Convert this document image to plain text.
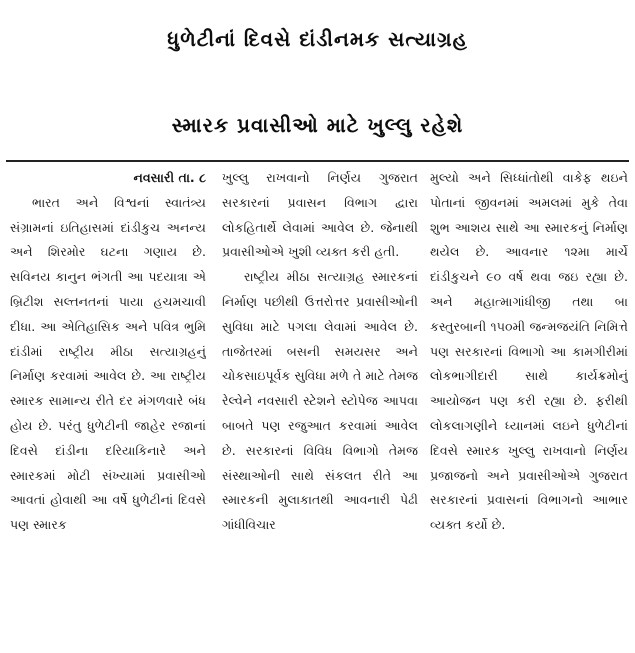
ધુળેટીનાં દિવસે દાંડીનમક સત્યાગ્રહ
સ્મારક પ્રવાસીઓ માટે ખુલ્લુ રહેશે

નવસારી તા. ૮

ભારત અને વિશ્વનાં સ્વાતંત્ર્ય સંગ્રામનાં ઇતિહાસમાં દાંડીકુચ અનન્ય અને શિરમોર ઘટના ગણાય છે. સવિનય કાનુન ભંગતી આ પદયાત્રા એ બ્રિટીશ સલ્તનતનાં પાયા હચમચાવી દીધા. આ એતિહાસિક અને પવિત્ર ભુમિ દાંડીમાં રાષ્ટ્રીય મીઠા સત્યાગ્રહનું નિર્માણ કરવામાં આવેલ છે. આ રાષ્ટ્રીય સ્મારક સામાન્ય રીતે દર મંગળવારે બંધ હોય છે. પરંતુ ધુળેટીની જાહેર રજાનાં દિવસે દાંડીના દરિયાકિનારે અને સ્મારકમાં મોટી સંખ્યામાં પ્રવાસીઓ આવતાં હોવાથી આ વર્ષે ધુળેટીનાં દિવસે પણ સ્મારક

ખુલ્લુ રાખવાનો નિર્ણય ગુજરાત સરકારનાં પ્રવાસન વિભાગ દ્વારા લોકહિતાર્થે લેવામાં આવેલ છે. જેનાથી પ્રવાસીઓએ ખુશી વ્યક્ત કરી હતી.

રાષ્ટ્રીય મીઠા સત્યાગ્રહ સ્મારકનાં નિર્માણ પછીથી ઉત્તરોત્તર પ્રવાસીઓની સુવિધા માટે પગલા લેવામાં આવેલ છે. તાજેતરમાં બસની સમયસર અને ચોકસાઇપૂર્વક સુવિધા મળે તે માટે તેમજ રેલ્વેને નવસારી સ્ટેશને સ્ટોપેજ આપવા બાબતે પણ રજુઆત કરવામાં આવેલ છે. સરકારનાં વિવિધ વિભાગો તેમજ સંસ્થાઓની સાથે સંકલત રીતે આ સ્મારકની મુલાકાતથી આવનારી પેઢી ગાંધીવિચાર

મુલ્યો અને સિધ્ધાંતોથી વાકેફ થઇને પોતાનાં જીવનમાં અમલમાં મુકે તેવા શુભ આશય સાથે આ સ્મારકનું નિર્માણ થયેલ છે. આવનાર ૧૨મા માર્ચે દાંડીકુચને ૯૦ વર્ષ થવા જઇ રહ્યા છે. અને મહાત્માગાંધીજી તથા બા કસ્તુરબાની ૧૫૦મી જન્મજયંતિ નિમિત્તે પણ સરકારનાં વિભાગો આ કામગીરીમાં લોકભાગીદારી સાથે કાર્યક્રમોનું આયોજન પણ કરી રહ્યા છે. ફરીથી લોકલાગણીને ધ્યાનમાં લઇને ધુળેટીનાં દિવસે સ્મારક ખુલ્લુ રાખવાનો નિર્ણય પ્રજાજનો અને પ્રવાસીઓએ ગુજરાત સરકારનાં પ્રવાસનાં વિભાગનો આભાર વ્યક્ત કર્યો છે.
